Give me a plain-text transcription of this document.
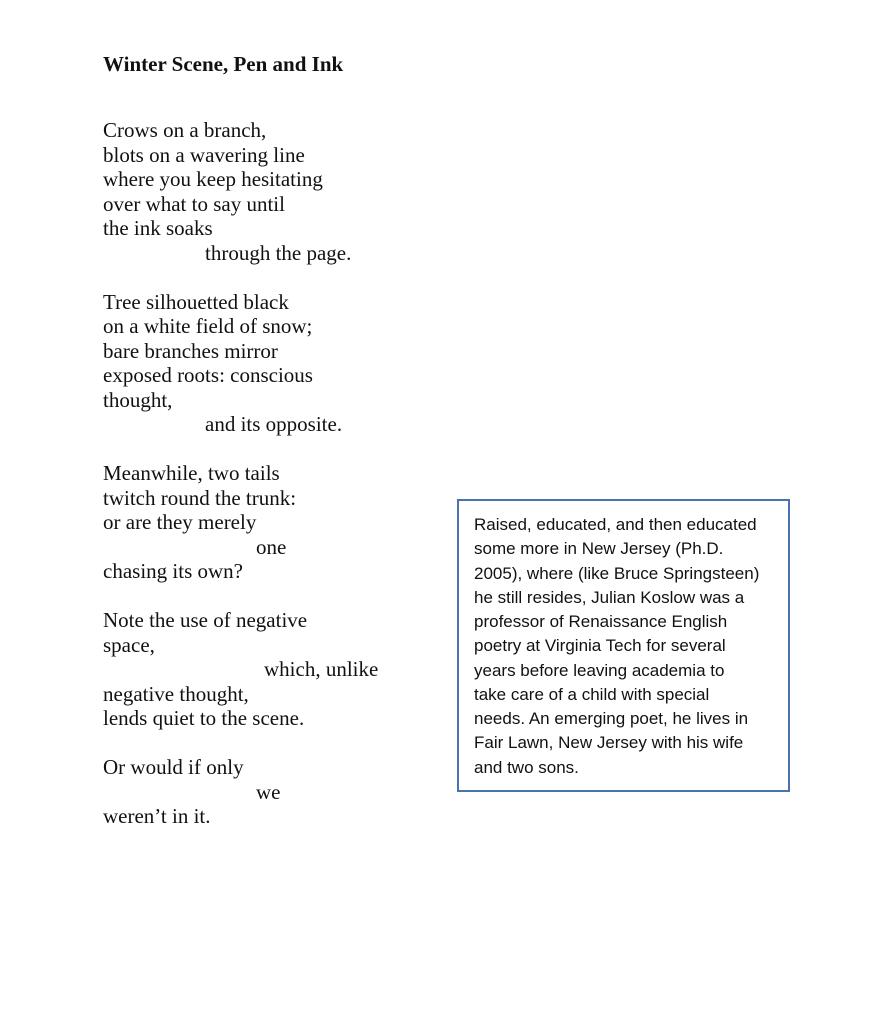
Winter Scene, Pen and Ink
Crows on a branch,
blots on a wavering line
where you keep hesitating
over what to say until
the ink soaks
through the page.
Tree silhouetted black
on a white field of snow;
bare branches mirror
exposed roots: conscious
thought,
and its opposite.
Meanwhile, two tails
twitch round the trunk:
or are they merely
one
chasing its own?
Note the use of negative
space,
which, unlike
negative thought,
lends quiet to the scene.
Or would if only
we
weren’t in it.
Raised, educated, and then educated
some more in New Jersey (Ph.D.
2005), where (like Bruce Springsteen)
he still resides, Julian Koslow was a
professor of Renaissance English
poetry at Virginia Tech for several
years before leaving academia to
take care of a child with special
needs. An emerging poet, he lives in
Fair Lawn, New Jersey with his wife
and two sons.
